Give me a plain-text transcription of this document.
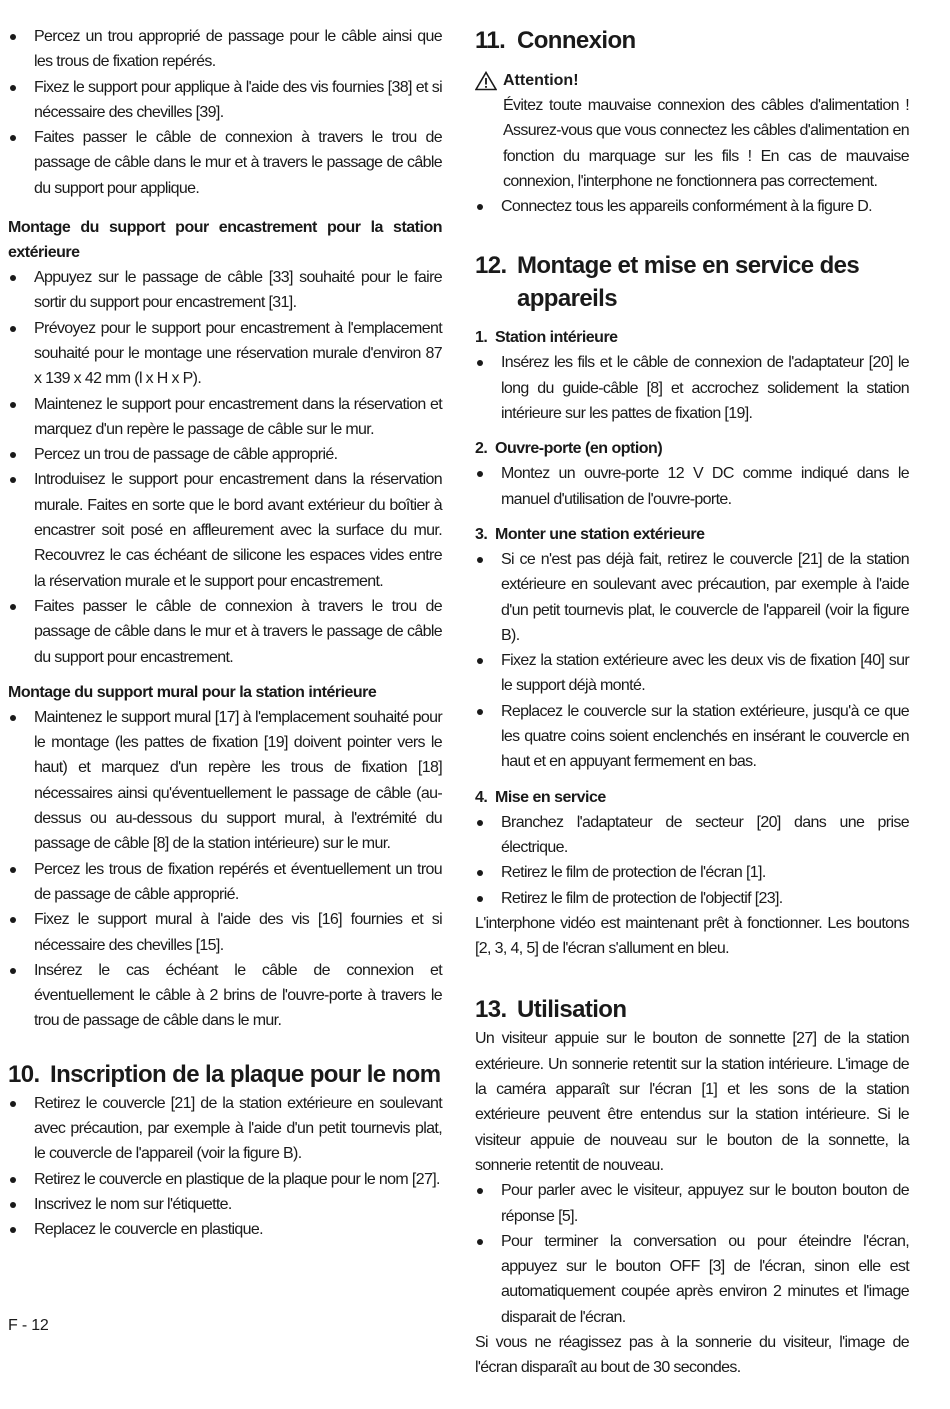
Percez un trou approprié de passage pour le câble ainsi que les trous de fixation repérés.
Fixez le support pour applique à l'aide des vis fournies [38] et si nécessaire des chevilles [39].
Faites passer le câble de connexion à travers le trou de passage de câble dans le mur et à travers le passage de câble du support pour applique.

Montage du support pour encastrement pour la station extérieure

Appuyez sur le passage de câble [33] souhaité pour le faire sortir du support pour encastrement [31].
Prévoyez pour le support pour encastrement à l'emplacement souhaité pour le montage une réservation murale d'environ 87 x 139 x 42 mm (l x H x P).
Maintenez le support pour encastrement dans la réservation et marquez d'un repère le passage de câble sur le mur.
Percez un trou de passage de câble approprié.
Introduisez le support pour encastrement dans la réservation murale. Faites en sorte que le bord avant extérieur du boîtier à encastrer soit posé en affleurement avec la surface du mur. Recouvrez le cas échéant de silicone les espaces vides entre la réservation murale et le support pour encastrement.
Faites passer le câble de connexion à travers le trou de passage de câble dans le mur et à travers le passage de câble du support pour encastrement.

Montage du support mural pour la station intérieure

Maintenez le support mural [17] à l'emplacement souhaité pour le montage (les pattes de fixation [19] doivent pointer vers le haut) et marquez d'un repère les trous de fixation [18] nécessaires ainsi qu'éventuellement le passage de câble (au-dessus ou au-dessous du support mural, à l'extrémité du passage de câble [8] de la station intérieure) sur le mur.
Percez les trous de fixation repérés et éventuellement un trou de passage de câble approprié.
Fixez le support mural à l'aide des vis [16] fournies et si nécessaire des chevilles [15].
Insérez le cas échéant le câble de connexion et éventuellement le câble à 2 brins de l'ouvre-porte à travers le trou de passage de câble dans le mur.
10. Inscription de la plaque pour le nom
Retirez le couvercle [21] de la station extérieure en soulevant avec précaution, par exemple à l'aide d'un petit tournevis plat, le couvercle de l'appareil (voir la figure B).
Retirez le couvercle en plastique de la plaque pour le nom [27].
Inscrivez le nom sur l'étiquette.
Replacez le couvercle en plastique.
11. Connexion

Attention!

Évitez toute mauvaise connexion des câbles d'alimentation ! Assurez-vous que vous connectez les câbles d'alimentation en fonction du marquage sur les fils ! En cas de mauvaise connexion, l'interphone ne fonctionnera pas correctement.

Connectez tous les appareils conformément à la figure D.
12. Montage et mise en service des appareils

1. Station intérieure

Insérez les fils et le câble de connexion de l'adaptateur [20] le long du guide-câble [8] et accrochez solidement la station intérieure sur les pattes de fixation [19].

2. Ouvre-porte (en option)

Montez un ouvre-porte 12 V DC comme indiqué dans le manuel d'utilisation de l'ouvre-porte.

3. Monter une station extérieure

Si ce n'est pas déjà fait, retirez le couvercle [21] de la station extérieure en soulevant avec précaution, par exemple à l'aide d'un petit tournevis plat, le couvercle de l'appareil (voir la figure B).
Fixez la station extérieure avec les deux vis de fixation [40] sur le support déjà monté.
Replacez le couvercle sur la station extérieure, jusqu'à ce que les quatre coins soient enclenchés en insérant le couvercle en haut et en appuyant fermement en bas.

4. Mise en service

Branchez l'adaptateur de secteur [20] dans une prise électrique.
Retirez le film de protection de l'écran [1].
Retirez le film de protection de l'objectif [23].

L'interphone vidéo est maintenant prêt à fonctionner. Les boutons [2, 3, 4, 5] de l'écran s'allument en bleu.

13. Utilisation

Un visiteur appuie sur le bouton de sonnette [27] de la station extérieure. Un sonnerie retentit sur la station intérieure. L'image de la caméra apparaît sur l'écran [1] et les sons de la station extérieure peuvent être entendus sur la station intérieure. Si le visiteur appuie de nouveau sur le bouton de la sonnette, la sonnerie retentit de nouveau.

Pour parler avec le visiteur, appuyez sur le bouton bouton de réponse [5].
Pour terminer la conversation ou pour éteindre l'écran, appuyez sur le bouton OFF [3] de l'écran, sinon elle est automatiquement coupée après environ 2 minutes et l'image disparait de l'écran.

Si vous ne réagissez pas à la sonnerie du visiteur, l'image de l'écran disparaît au bout de 30 secondes.

F - 12
